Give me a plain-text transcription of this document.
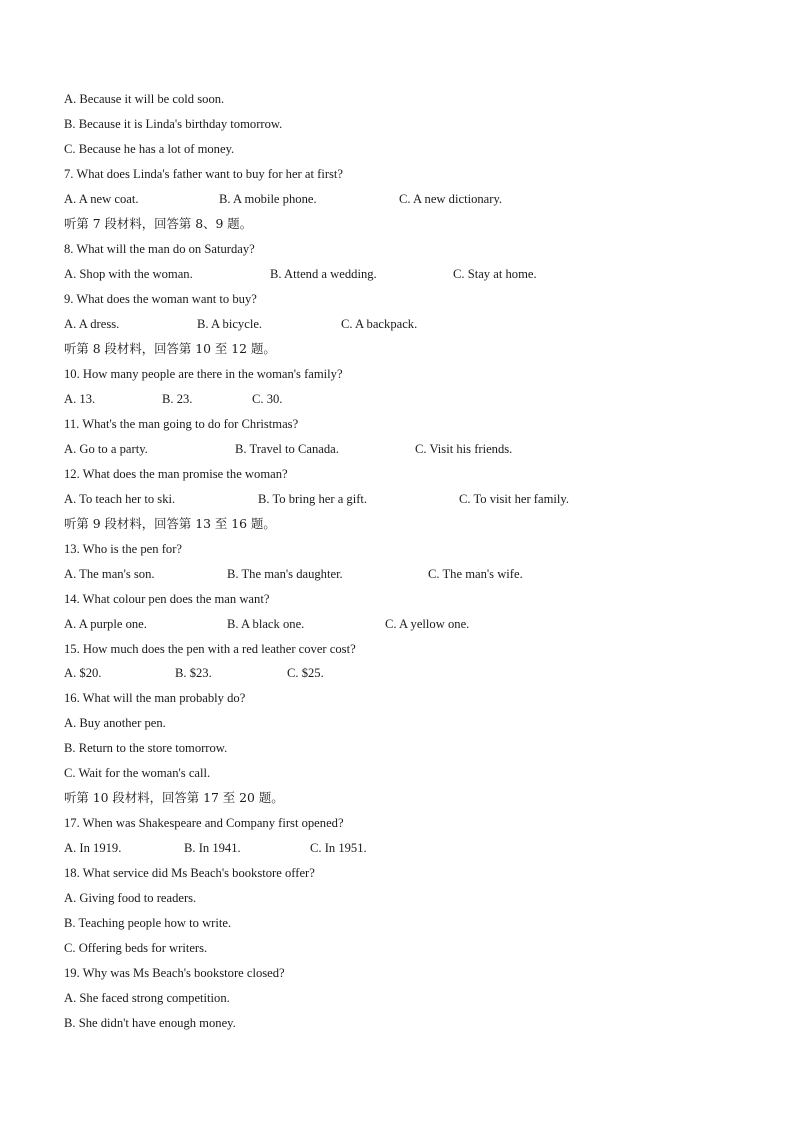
A. Because it will be cold soon.
B. Because it is Linda's birthday tomorrow.
C. Because he has a lot of money.
7. What does Linda's father want to buy for her at first?

A. A new coat.

	B. A mobile phone.

	C. A new dictionary.

听第 7 段材料，回答第 8、9 题。
8. What will the man do on Saturday?

A. Shop with the woman.

	B. Attend a wedding.

	C. Stay at home.

9. What does the woman want to buy?

A. A dress.

	B. A bicycle.

	C. A backpack.

听第 8 段材料，回答第 10 至 12 题。
10. How many people are there in the woman's family?

A. 13.

	B. 23.

	C. 30.

11. What's the man going to do for Christmas?

A. Go to a party.

	B. Travel to Canada.

	C. Visit his friends.

12. What does the man promise the woman?

A. To teach her to ski.

	B. To bring her a gift.

	C. To visit her family.

听第 9 段材料，回答第 13 至 16 题。
13. Who is the pen for?

A. The man's son.

	B. The man's daughter.

	C. The man's wife.

14. What colour pen does the man want?

A. A purple one.

	B. A black one.

	C. A yellow one.

15. How much does the pen with a red leather cover cost?

A. $20.

	B. $23.

	C. $25.

16. What will the man probably do?
A. Buy another pen.
B. Return to the store tomorrow.
C. Wait for the woman's call.
听第 10 段材料，回答第 17 至 20 题。
17. When was Shakespeare and Company first opened?

A. In 1919.

	B. In 1941.

	C. In 1951.

18. What service did Ms Beach's bookstore offer?
A. Giving food to readers.
B. Teaching people how to write.
C. Offering beds for writers.
19. Why was Ms Beach's bookstore closed?
A. She faced strong competition.
B. She didn't have enough money.
